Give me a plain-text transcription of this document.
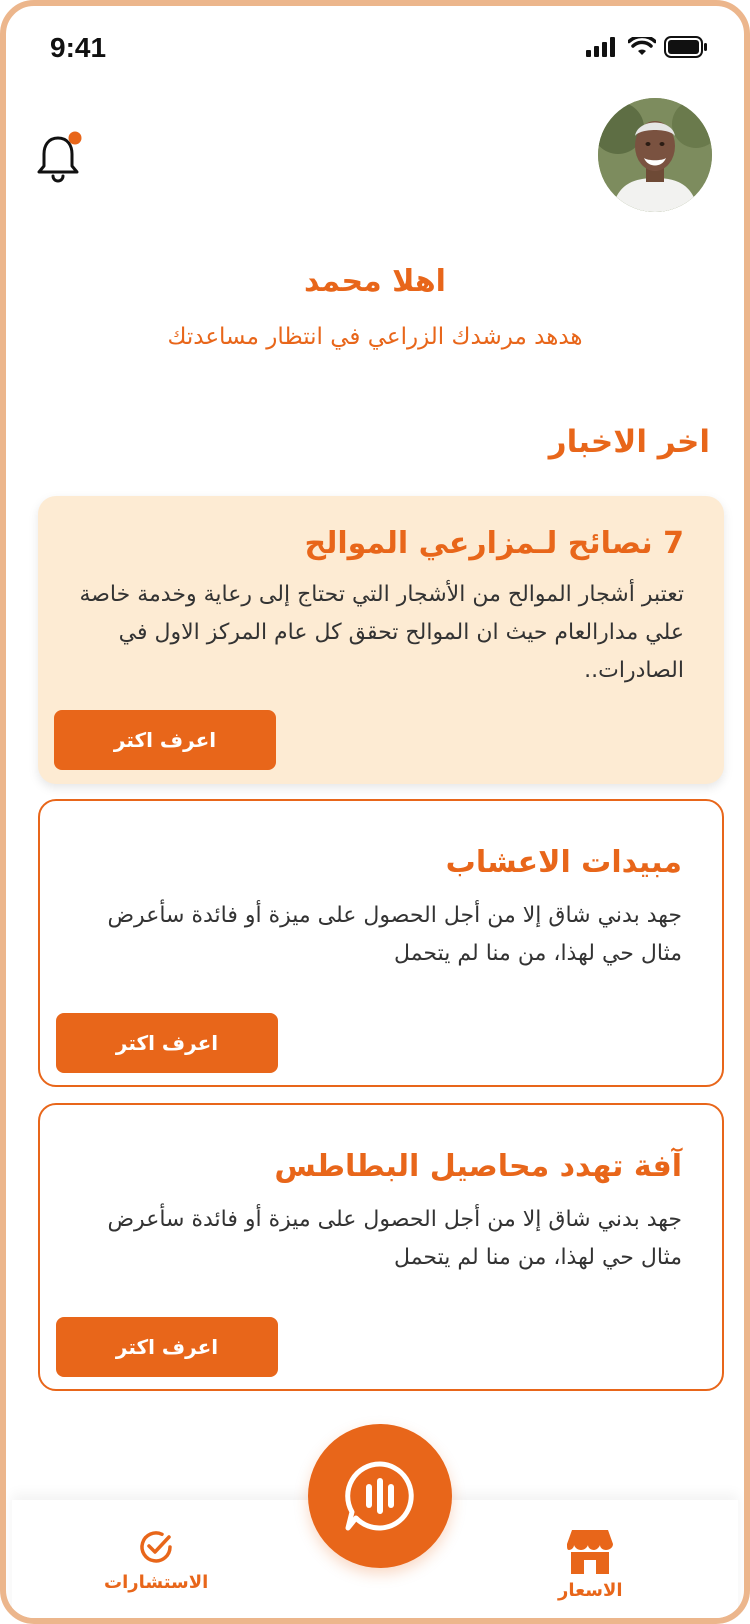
9:41
اهلا محمد
هدهد مرشدك الزراعي في انتظار مساعدتك
اخر الاخبار
7 نصائح لـمزارعي الموالح
تعتبر أشجار الموالح من الأشجار التي تحتاج إلى رعاية وخدمة خاصة علي مدارالعام حيث ان الموالح تحقق كل عام المركز الاول في الصادرات..
اعرف اكتر
مبيدات الاعشاب
جهد بدني شاق إلا من أجل الحصول على ميزة أو فائدة سأعرض مثال حي لهذا، من منا لم يتحمل
اعرف اكتر
آفة تهدد محاصيل البطاطس
جهد بدني شاق إلا من أجل الحصول على ميزة أو فائدة سأعرض مثال حي لهذا، من منا لم يتحمل
اعرف اكتر
الاستشارات	الاسعار
